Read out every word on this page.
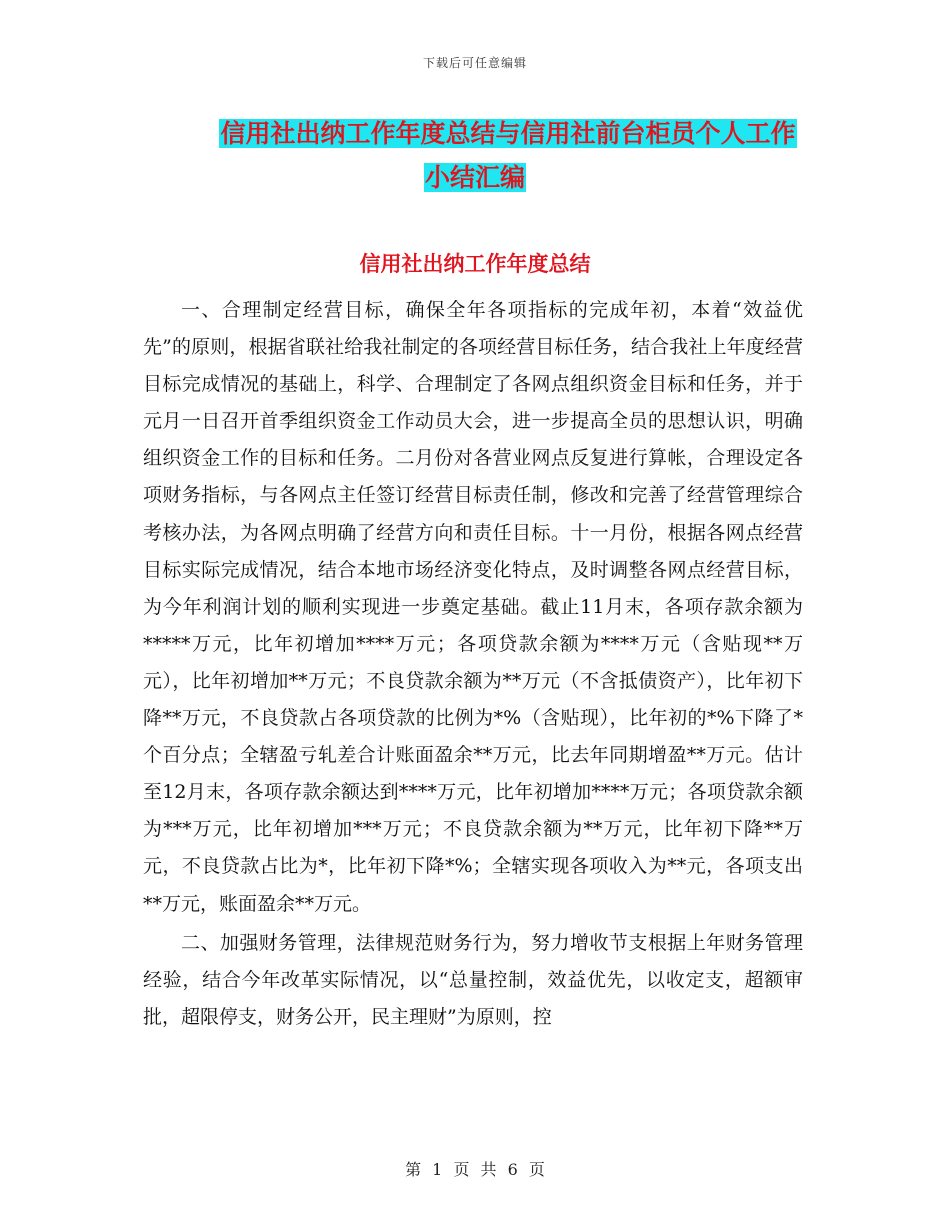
下载后可任意编辑
信用社出纳工作年度总结与信用社前台柜员个人工作
小结汇编
信用社出纳工作年度总结

一、合理制定经营目标，确保全年各项指标的完成年初，本着“效益优先”的原则，根据省联社给我社制定的各项经营目标任务，结合我社上年度经营目标完成情况的基础上，科学、合理制定了各网点组织资金目标和任务，并于元月一日召开首季组织资金工作动员大会，进一步提高全员的思想认识，明确组织资金工作的目标和任务。二月份对各营业网点反复进行算帐，合理设定各项财务指标，与各网点主任签订经营目标责任制，修改和完善了经营管理综合考核办法，为各网点明确了经营方向和责任目标。十一月份，根据各网点经营目标实际完成情况，结合本地市场经济变化特点，及时调整各网点经营目标，为今年利润计划的顺利实现进一步奠定基础。截止11月末，各项存款余额为*****万元，比年初增加****万元；各项贷款余额为****万元（含贴现**万元），比年初增加**万元；不良贷款余额为**万元（不含抵债资产），比年初下降**万元，不良贷款占各项贷款的比例为*%（含贴现），比年初的*%下降了*个百分点；全辖盈亏轧差合计账面盈余**万元，比去年同期增盈**万元。估计至12月末，各项存款余额达到****万元，比年初增加****万元；各项贷款余额为***万元，比年初增加***万元；不良贷款余额为**万元，比年初下降**万元，不良贷款占比为*，比年初下降*%；全辖实现各项收入为**元，各项支出**万元，账面盈余**万元。

二、加强财务管理，法律规范财务行为，努力增收节支根据上年财务管理经验，结合今年改革实际情况，以“总量控制，效益优先，以收定支，超额审批，超限停支，财务公开，民主理财”为原则，控

第 1 页 共 6 页
